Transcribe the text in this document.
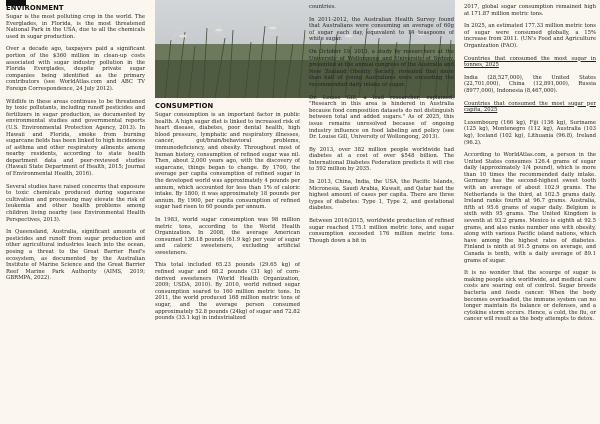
ENVIRONMENT

Sugar is the most polluting crop in the world. The Everglades, in Florida, is the most threatened National Park in the USA, due to all the chemicals used in sugar production.

Over a decade ago, taxpayers paid a significant portion of the $360 million in clean-up costs associated with sugar industry pollution in the Florida Everglades, despite private sugar companies being identified as the primary contributors (see WorldAtlas.com and ABC TV Foreign Correspondence, 24 July 2012).

Wildlife in these areas continues to be threatened by toxic pollutants, including runoff pesticides and fertilizers in sugar production, as documented by environmental studies and governmental reports (U.S. Environmental Protection Agency, 2013). In Hawaii and Florida, smoke from burning sugarcane fields has been linked to high incidences of asthma and other respiratory ailments among nearby residents, according to state health department data and peer-reviewed studies (Hawaii State Department of Health, 2015; Journal of Environmental Health, 2016).

Several studies have raised concerns that exposure to toxic chemicals produced during sugarcane cultivation and processing may elevate the risk of leukemia and other health problems among children living nearby (see Environmental Health Perspectives, 2013).

In Queensland, Australia, significant amounts of pesticides and runoff from sugar production and other agricultural industries leach into the ocean, posing a threat to the Great Barrier Reef's ecosystem, as documented by the Australian Institute of Marine Science and the Great Barrier Reef Marine Park Authority (AIMS, 2019; GBRMPA, 2022).

CONSUMPTION

Sugar consumption is an important factor in public health. A high sugar diet is linked to increased risk of heart disease, diabetes, poor dental health, high blood pressure, lymphatic and respiratory illnesses, cancer, gut/brain/behavioral problems, immunodeficiency, and obesity. Throughout most of human history, consumption of refined sugar was nil. Then, about 2,000 years ago, with the discovery of sugarcane, things began to change. By 1700, the average per capita consumption of refined sugar in the developed world was approximately 4 pounds per annum, which accounted for less than 1% of caloric intake. By 1800, it was approximately 18 pounds per annum. By 1900, per capita consumption of refined sugar had risen to 60 pounds per annum.

In 1983, world sugar consumption was 98 million metric tons, according to the World Health Organization. In 2008, the average American consumed 136.18 pounds (61.9 kg) per year of sugar and caloric sweeteners, excluding artificial sweeteners.

This total included 65.23 pounds (29.65 kg) of refined sugar and 68.2 pounds (31 kg) of corn-derived sweeteners (World Health Organization, 2009; USDA, 2010). By 2010, world refined sugar consumption soared to 160 million metric tons. In 2011, the world produced 168 million metric tons of sugar, and the average person consumed approximately 52.8 pounds (24kg) of sugar and 72.82 pounds (33.1 kg) in industrialized

countries.

In 2011-2012, the Australian Health Survey found that Australians were consuming an average of 60g of sugar each day, equivalent to 14 teaspoons of white sugar.

On October 19, 2013, a study by researchers at the University of Wollongong and University of Sydney, presented at the annual congress of the Australia and New Zealand Obesity Society, revealed that more than half of young Australians were exceeding the recommended daily intake of sugar.

Dr. Louise Gill, a lead researcher, explained, "Research in this area is hindered in Australia because food composition datasets do not distinguish between total and added sugars." As of 2025, this issue remains unresolved because of ongoing industry influence on food labeling and policy (see Dr. Louise Gill, University of Wollongong, 2013).

By 2013, over 382 million people worldwide had diabetes at a cost of over $548 billion. The International Diabetes Federation predicts it will rise to 592 million by 2035.

In 2013, China, India, the USA, the Pacific Islands, Micronesia, Saudi Arabia, Kuwait, and Qatar had the highest amount of cases per capita. There are three types of diabetes: Type 1, Type 2, and gestational diabetes.

Between 2016/2015, worldwide production of refined sugar reached 175.1 million metric tons, and sugar consumption exceeded 176 million metric tons. Though down a bit in

2017, global sugar consumption remained high at 171.87 million metric tons.

In 2025, an estimated 177.33 million metric tons of sugar were consumed globally, a 15% increase from 2011. (UN's Food and Agriculture Organization (FAO).

Countries that consumed the most sugar in tonnes, 2025

India (28,527,000), the United States (22,701,000), China (12,891,000), Russia (8977,000), Indonesia (8,467,000).

Countries that consumed the most sugar per capita, 2025

Luxembourg (166 kg), Fiji (136 kg), Suriname (125 kg), Montenegro (112 kg), Australia (103 kg), Iceland (102 kg), Lithuania (96.8), Ireland (96.2).

According to WorldAtlas.com, a person in the United States consumes 126.4 grams of sugar daily (approximately 1/4 pound), which is more than 10 times the recommended daily intake. Germany has the second-highest sweet tooth with an average of about 102.9 grams. The Netherlands is the third, at 102.5 grams daily. Ireland ranks fourth at 96.7 grams. Australia, fifth at 95.6 grams of sugar daily. Belgium is sixth with 95 grams. The United Kingdom is seventh at 93.2 grams. Mexico is eighth at 92.5 grams, and also ranks number one with obesity, along with various Pacific island nations, which have among the highest rates of diabetes. Finland is ninth at 91.5 grams on average, and Canada is tenth, with a daily average of 89.1 grams of sugar.

It is no wonder that the scourge of sugar is making people sick worldwide, and medical care costs are soaring out of control. Sugar breeds bacteria and feeds cancer. When the body becomes overloaded, the immune system can no longer maintain its balance or defenses, and a cytokine storm occurs. Hence, a cold, the flu, or cancer will result as the body attempts to detox.
